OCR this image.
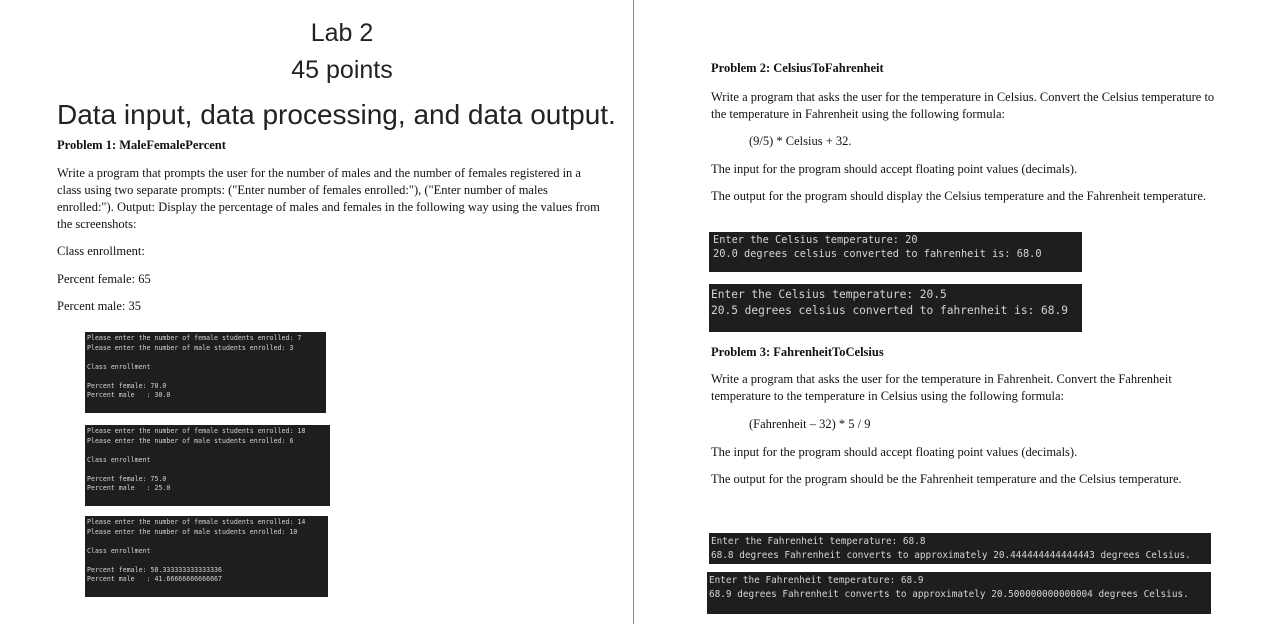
Lab 2
45 points
Data input, data processing, and data output.
Problem 1: MaleFemalePercent
Write a program that prompts the user for the number of males and the number of females registered in a class using two separate prompts: ("Enter number of females enrolled:"), ("Enter number of males enrolled:"). Output: Display the percentage of males and females in the following way using the values from the screenshots:
Class enrollment:
Percent female: 65
Percent male: 35
Please enter the number of female students enrolled: 7
Please enter the number of male students enrolled: 3

Class enrollment

Percent female: 70.0
Percent male   : 30.0
Please enter the number of female students enrolled: 18
Please enter the number of male students enrolled: 6

Class enrollment

Percent female: 75.0
Percent male   : 25.0
Please enter the number of female students enrolled: 14
Please enter the number of male students enrolled: 10

Class enrollment

Percent female: 58.333333333333336
Percent male   : 41.66666666666667
Problem 2: CelsiusToFahrenheit
Write a program that asks the user for the temperature in Celsius. Convert the Celsius temperature to the temperature in Fahrenheit using the following formula:
(9/5) * Celsius + 32.
The input for the program should accept floating point values (decimals).
The output for the program should display the Celsius temperature and the Fahrenheit temperature.
Enter the Celsius temperature: 20
20.0 degrees celsius converted to fahrenheit is: 68.0
Enter the Celsius temperature: 20.5
20.5 degrees celsius converted to fahrenheit is: 68.9
Problem 3: FahrenheitToCelsius
Write a program that asks the user for the temperature in Fahrenheit. Convert the Fahrenheit temperature to the temperature in Celsius using the following formula:
(Fahrenheit – 32) * 5 / 9
The input for the program should accept floating point values (decimals).
The output for the program should be the Fahrenheit temperature and the Celsius temperature.
Enter the Fahrenheit temperature: 68.8
68.8 degrees Fahrenheit converts to approximately 20.444444444444443 degrees Celsius.
Enter the Fahrenheit temperature: 68.9
68.9 degrees Fahrenheit converts to approximately 20.500000000000004 degrees Celsius.
